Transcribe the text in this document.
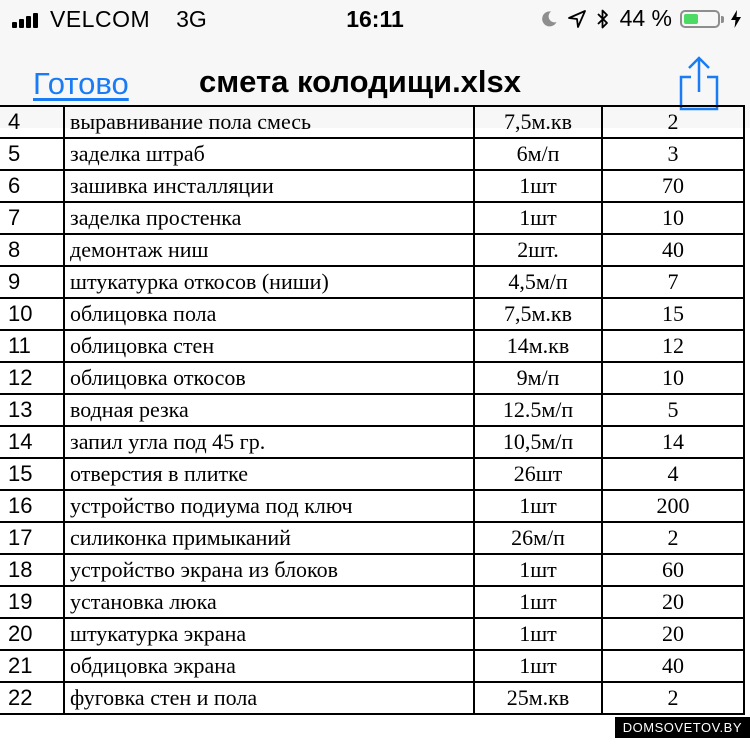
VELCOM 3G	16:11	44 %
Готово смета колодищи.xlsx
4	выравнивание пола смесь	7,5м.кв	2
5	заделка штраб	6м/п	3
6	зашивка инсталляции	1шт	70
7	заделка простенка	1шт	10
8	демонтаж ниш	2шт.	40
9	штукатурка откосов (ниши)	4,5м/п	7
10	облицовка пола	7,5м.кв	15
11	облицовка стен	14м.кв	12
12	облицовка откосов	9м/п	10
13	водная резка	12.5м/п	5
14	запил угла под 45 гр.	10,5м/п	14
15	отверстия в плитке	26шт	4
16	устройство подиума под ключ	1шт	200
17	силиконка примыканий	26м/п	2
18	устройство экрана из блоков	1шт	60
19	установка люка	1шт	20
20	штукатурка экрана	1шт	20
21	обдицовка экрана	1шт	40
22	фуговка стен и пола	25м.кв	2
DOMSOVETOV.BY
